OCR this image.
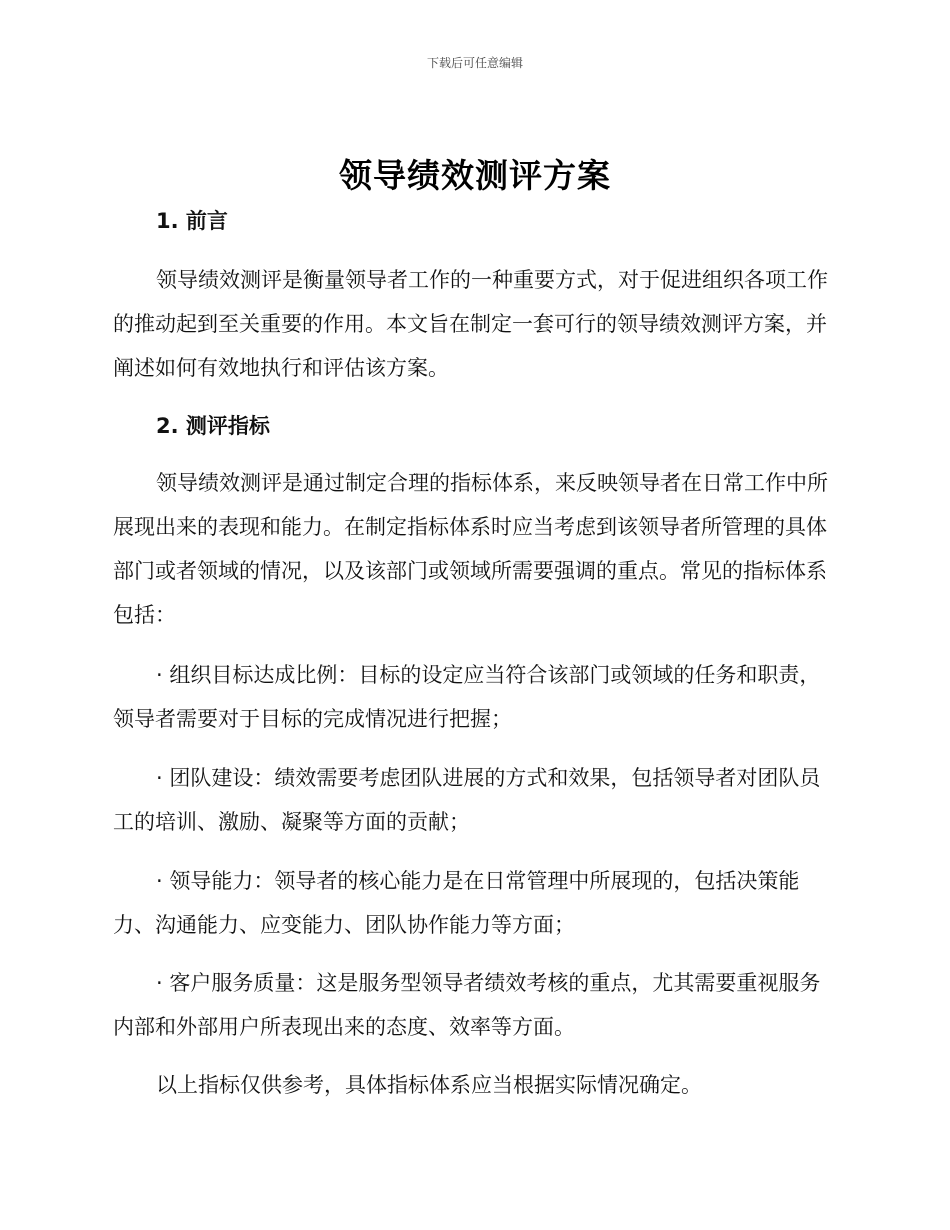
下载后可任意编辑
领导绩效测评方案
1. 前言

领导绩效测评是衡量领导者工作的一种重要方式，对于促进组织各项工作的推动起到至关重要的作用。本文旨在制定一套可行的领导绩效测评方案，并阐述如何有效地执行和评估该方案。

2. 测评指标

领导绩效测评是通过制定合理的指标体系，来反映领导者在日常工作中所展现出来的表现和能力。在制定指标体系时应当考虑到该领导者所管理的具体部门或者领域的情况，以及该部门或领域所需要强调的重点。常见的指标体系包括：

· 组织目标达成比例：目标的设定应当符合该部门或领域的任务和职责，领导者需要对于目标的完成情况进行把握；

· 团队建设：绩效需要考虑团队进展的方式和效果，包括领导者对团队员工的培训、激励、凝聚等方面的贡献；

· 领导能力：领导者的核心能力是在日常管理中所展现的，包括决策能力、沟通能力、应变能力、团队协作能力等方面；

· 客户服务质量：这是服务型领导者绩效考核的重点，尤其需要重视服务内部和外部用户所表现出来的态度、效率等方面。

以上指标仅供参考，具体指标体系应当根据实际情况确定。
